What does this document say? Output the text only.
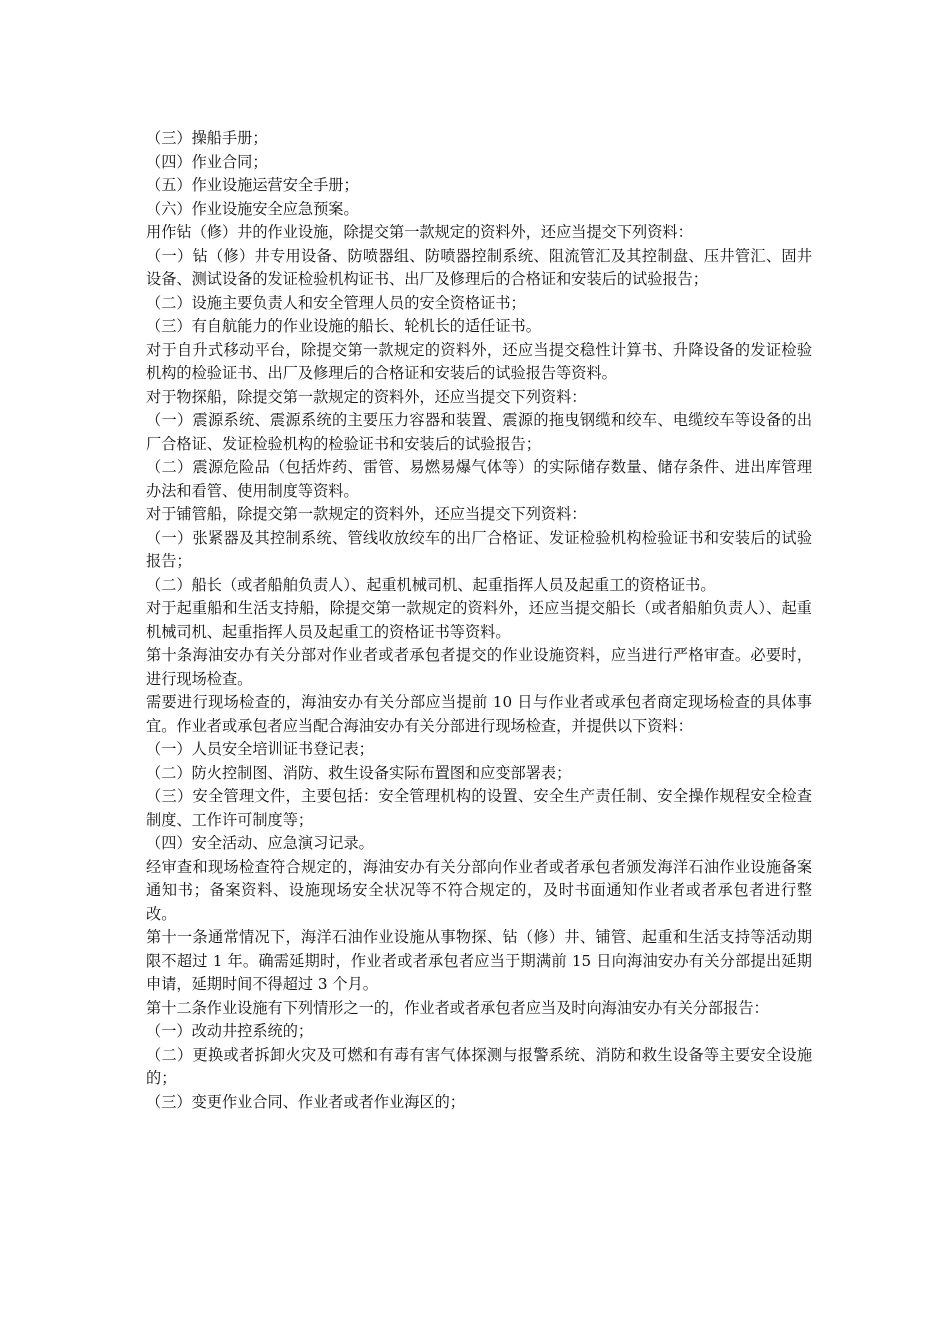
（三）操船手册；

（四）作业合同；

（五）作业设施运营安全手册；

（六）作业设施安全应急预案。

用作钻（修）井的作业设施，除提交第一款规定的资料外，还应当提交下列资料：

（一）钻（修）井专用设备、防喷器组、防喷器控制系统、阻流管汇及其控制盘、压井管汇、固井设备、测试设备的发证检验机构证书、出厂及修理后的合格证和安装后的试验报告；

（二）设施主要负责人和安全管理人员的安全资格证书；

（三）有自航能力的作业设施的船长、轮机长的适任证书。

对于自升式移动平台，除提交第一款规定的资料外，还应当提交稳性计算书、升降设备的发证检验机构的检验证书、出厂及修理后的合格证和安装后的试验报告等资料。

对于物探船，除提交第一款规定的资料外，还应当提交下列资料：

（一）震源系统、震源系统的主要压力容器和装置、震源的拖曳钢缆和绞车、电缆绞车等设备的出厂合格证、发证检验机构的检验证书和安装后的试验报告；

（二）震源危险品（包括炸药、雷管、易燃易爆气体等）的实际储存数量、储存条件、进出库管理办法和看管、使用制度等资料。

对于铺管船，除提交第一款规定的资料外，还应当提交下列资料：

（一）张紧器及其控制系统、管线收放绞车的出厂合格证、发证检验机构检验证书和安装后的试验报告；

（二）船长（或者船舶负责人）、起重机械司机、起重指挥人员及起重工的资格证书。

对于起重船和生活支持船，除提交第一款规定的资料外，还应当提交船长（或者船舶负责人）、起重机械司机、起重指挥人员及起重工的资格证书等资料。

第十条海油安办有关分部对作业者或者承包者提交的作业设施资料，应当进行严格审查。必要时，进行现场检查。

需要进行现场检查的，海油安办有关分部应当提前 10 日与作业者或承包者商定现场检查的具体事宜。作业者或承包者应当配合海油安办有关分部进行现场检查，并提供以下资料：

（一）人员安全培训证书登记表；

（二）防火控制图、消防、救生设备实际布置图和应变部署表；

（三）安全管理文件，主要包括：安全管理机构的设置、安全生产责任制、安全操作规程安全检查制度、工作许可制度等；

（四）安全活动、应急演习记录。

经审查和现场检查符合规定的，海油安办有关分部向作业者或者承包者颁发海洋石油作业设施备案通知书；备案资料、设施现场安全状况等不符合规定的，及时书面通知作业者或者承包者进行整改。

第十一条通常情况下，海洋石油作业设施从事物探、钻（修）井、铺管、起重和生活支持等活动期限不超过 1 年。确需延期时，作业者或者承包者应当于期满前 15 日向海油安办有关分部提出延期申请，延期时间不得超过 3 个月。

第十二条作业设施有下列情形之一的，作业者或者承包者应当及时向海油安办有关分部报告：

（一）改动井控系统的；

（二）更换或者拆卸火灾及可燃和有毒有害气体探测与报警系统、消防和救生设备等主要安全设施的；

（三）变更作业合同、作业者或者作业海区的；
